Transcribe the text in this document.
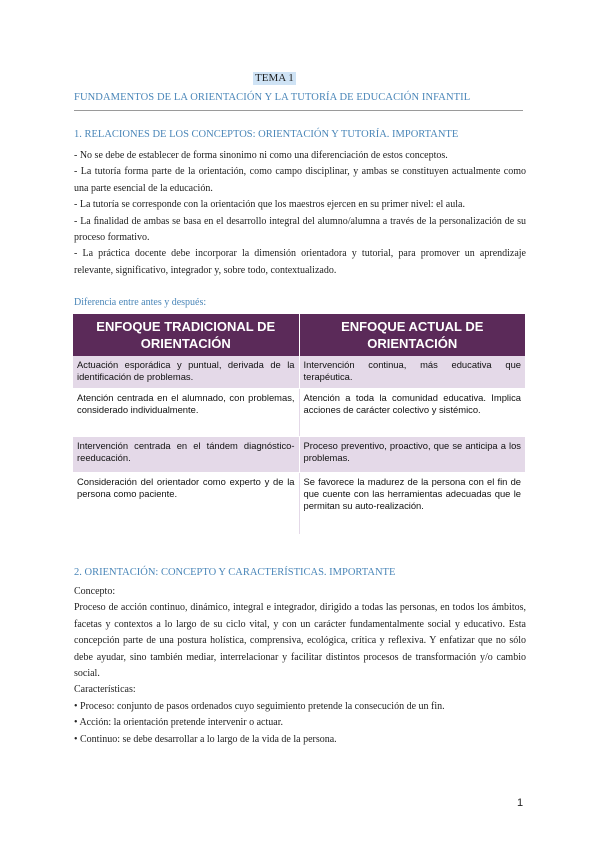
TEMA 1
FUNDAMENTOS DE LA ORIENTACIÓN Y LA TUTORÍA DE EDUCACIÓN INFANTIL
1. RELACIONES DE LOS CONCEPTOS: ORIENTACIÓN Y TUTORÍA. IMPORTANTE

- No se debe de establecer de forma sinonimo ni como una diferenciación de estos conceptos.

- La tutoría forma parte de la orientación, como campo disciplinar, y ambas se constituyen actualmente como una parte esencial de la educación.

- La tutoría se corresponde con la orientación que los maestros ejercen en su primer nivel: el aula.

- La ﬁnalidad de ambas se basa en el desarrollo integral del alumno/alumna a través de la personalización de su proceso formativo.

- La práctica docente debe incorporar la dimensión orientadora y tutorial, para promover un aprendizaje relevante, significativo, integrador y, sobre todo, contextualizado.

Diferencia entre antes y después:
ENFOQUE TRADICIONAL DE ORIENTACIÓN	ENFOQUE ACTUAL DE ORIENTACIÓN
Actuación esporádica y puntual, derivada de la identificación de problemas.	Intervención continua, más educativa que terapéutica.
Atención centrada en el alumnado, con problemas, considerado individualmente.	Atención a toda la comunidad educativa. Implica acciones de carácter colectivo y sistémico.
Intervención centrada en el tándem diagnóstico-reeducación.	Proceso preventivo, proactivo, que se anticipa a los problemas.
Consideración del orientador como experto y de la persona como paciente.	Se favorece la madurez de la persona con el fin de que cuente con las herramientas adecuadas que le permitan su auto-realización.
2. ORIENTACIÓN: CONCEPTO Y CARACTERÍSTICAS. IMPORTANTE

Concepto:

Proceso de acción continuo, dinámico, integral e integrador, dirigido a todas las personas, en todos los ámbitos, facetas y contextos a lo largo de su ciclo vital, y con un carácter fundamentalmente social y educativo. Esta concepción parte de una postura holística, comprensiva, ecológica, crítica y reflexiva. Y enfatizar que no sólo debe ayudar, sino también mediar, interrelacionar y facilitar distintos procesos de transformación y/o cambio social.

Características:

• Proceso: conjunto de pasos ordenados cuyo seguimiento pretende la consecución de un fin.

• Acción: la orientación pretende intervenir o actuar.

• Continuo: se debe desarrollar a lo largo de la vida de la persona.

1
